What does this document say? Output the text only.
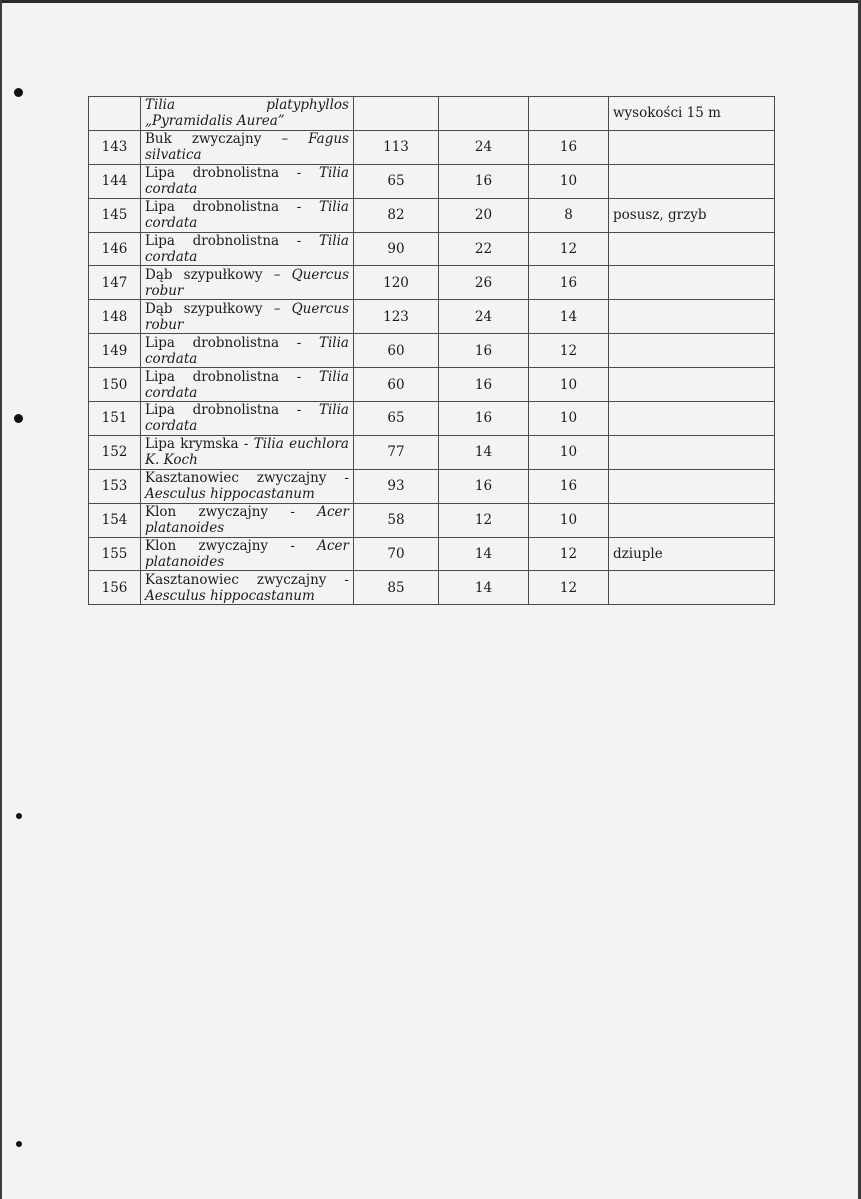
	Tilia platyphyllos
„Pyramidalis Aurea”				wysokości 15 m
143	Buk zwyczajny – Fagus
silvatica	113	24	16	
144	Lipa drobnolistna - Tilia
cordata	65	16	10	
145	Lipa drobnolistna - Tilia
cordata	82	20	8	posusz, grzyb
146	Lipa drobnolistna - Tilia
cordata	90	22	12	
147	Dąb szypułkowy – Quercus
robur	120	26	16	
148	Dąb szypułkowy – Quercus
robur	123	24	14	
149	Lipa drobnolistna - Tilia
cordata	60	16	12	
150	Lipa drobnolistna - Tilia
cordata	60	16	10	
151	Lipa drobnolistna - Tilia
cordata	65	16	10	
152	Lipa krymska - Tilia euchlora
K. Koch	77	14	10	
153	Kasztanowiec zwyczajny -
Aesculus hippocastanum	93	16	16	
154	Klon zwyczajny - Acer
platanoides	58	12	10	
155	Klon zwyczajny - Acer
platanoides	70	14	12	dziuple
156	Kasztanowiec zwyczajny -
Aesculus hippocastanum	85	14	12	
